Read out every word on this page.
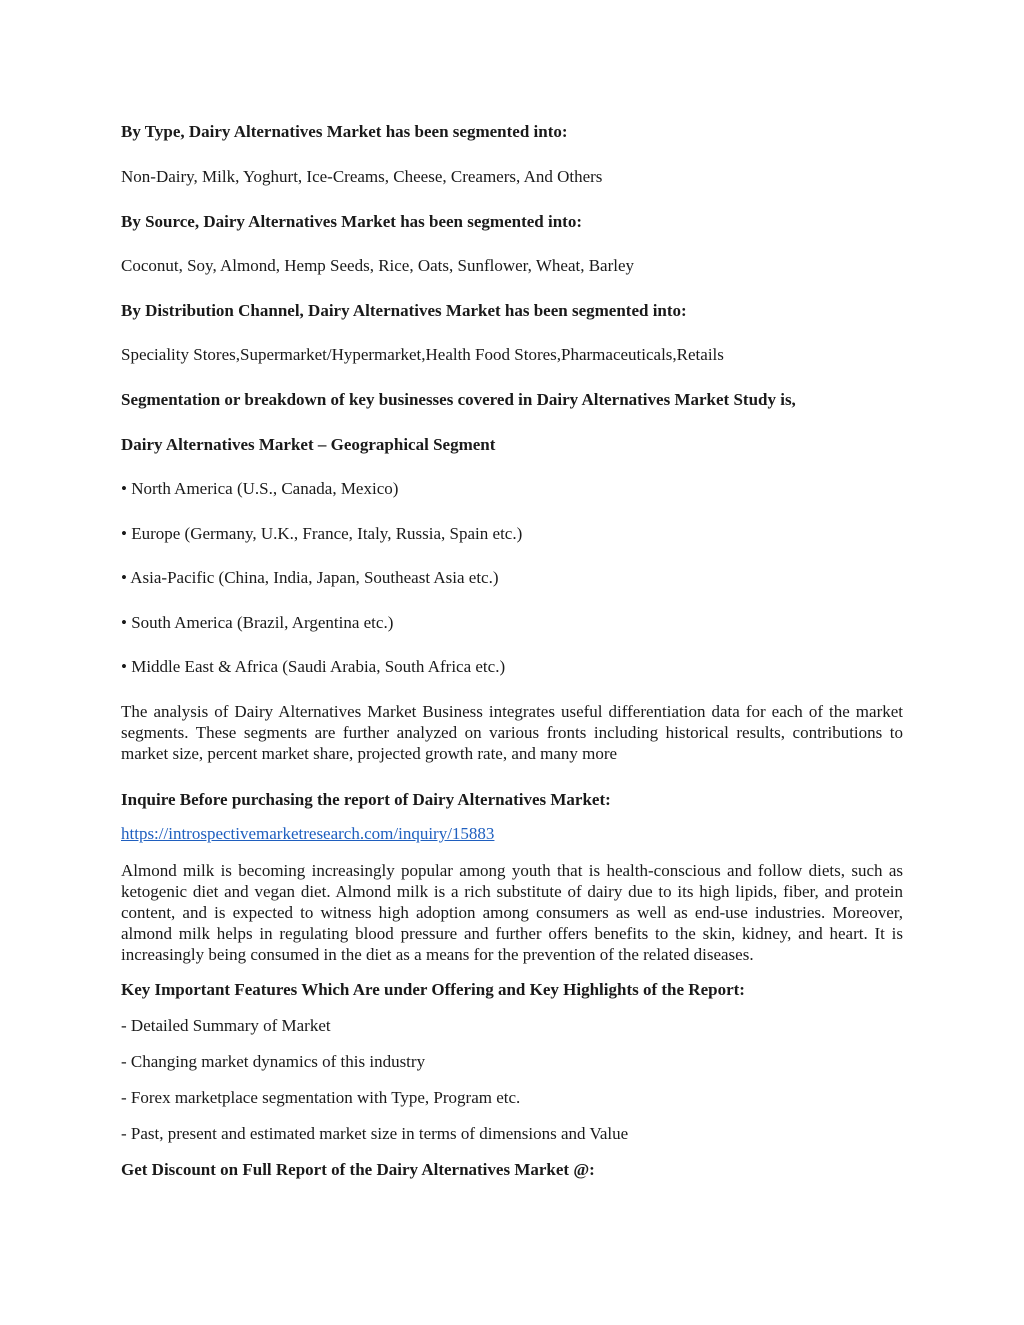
By Type, Dairy Alternatives Market has been segmented into:
Non-Dairy, Milk, Yoghurt, Ice-Creams, Cheese, Creamers, And Others
By Source, Dairy Alternatives Market has been segmented into:
Coconut, Soy, Almond, Hemp Seeds, Rice, Oats, Sunflower, Wheat, Barley
By Distribution Channel, Dairy Alternatives Market has been segmented into:
Speciality Stores,Supermarket/Hypermarket,Health Food Stores,Pharmaceuticals,Retails
Segmentation or breakdown of key businesses covered in Dairy Alternatives Market Study is,
Dairy Alternatives Market – Geographical Segment
• North America (U.S., Canada, Mexico)
• Europe (Germany, U.K., France, Italy, Russia, Spain etc.)
• Asia-Pacific (China, India, Japan, Southeast Asia etc.)
• South America (Brazil, Argentina etc.)
• Middle East & Africa (Saudi Arabia, South Africa etc.)
The analysis of Dairy Alternatives Market Business integrates useful differentiation data for each of the market segments. These segments are further analyzed on various fronts including historical results, contributions to market size, percent market share, projected growth rate, and many more
Inquire Before purchasing the report of Dairy Alternatives Market:
https://introspectivemarketresearch.com/inquiry/15883
Almond milk is becoming increasingly popular among youth that is health-conscious and follow diets, such as ketogenic diet and vegan diet. Almond milk is a rich substitute of dairy due to its high lipids, fiber, and protein content, and is expected to witness high adoption among consumers as well as end-use industries. Moreover, almond milk helps in regulating blood pressure and further offers benefits to the skin, kidney, and heart. It is increasingly being consumed in the diet as a means for the prevention of the related diseases.
Key Important Features Which Are under Offering and Key Highlights of the Report:
- Detailed Summary of Market
- Changing market dynamics of this industry
- Forex marketplace segmentation with Type, Program etc.
- Past, present and estimated market size in terms of dimensions and Value
Get Discount on Full Report of the Dairy Alternatives Market @:
